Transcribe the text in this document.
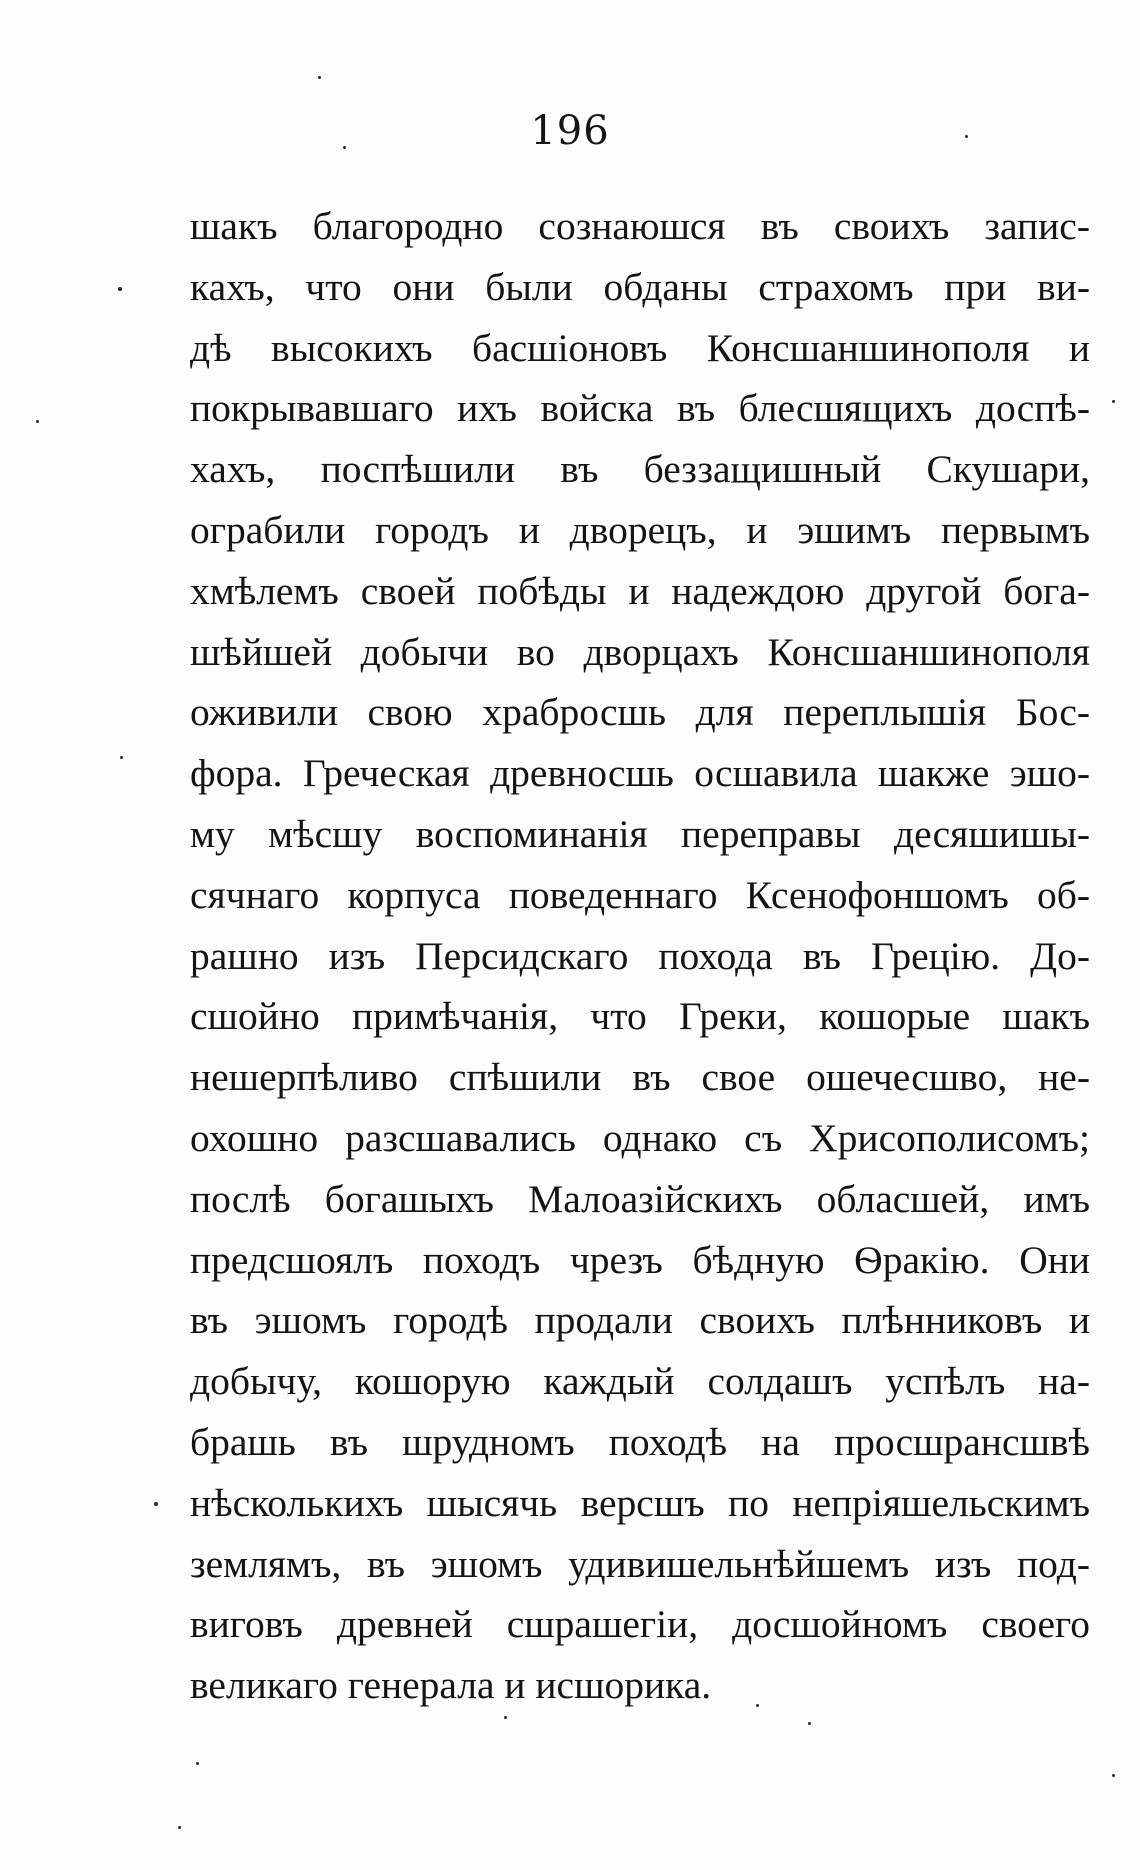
196
шакъ благородно сознаюшся въ своихъ запис-
кахъ, что они были обданы страхомъ при ви-
дѣ высокихъ басшіоновъ Консшаншинополя и
покрывавшаго ихъ войска въ блесшящихъ доспѣ-
хахъ, поспѣшили въ беззащишный Скушари,
ограбили городъ и дворецъ, и эшимъ первымъ
хмѣлемъ своей побѣды и надеждою другой бога-
шѣйшей добычи во дворцахъ Консшаншинополя
оживили свою храбросшь для переплышія Бос-
фора. Греческая древносшь осшавила шакже эшо-
му мѣсшу воспоминанія переправы десяшишы-
сячнаго корпуса поведеннаго Ксенофоншомъ об-
рашно изъ Персидскаго похода въ Грецію. До-
сшойно примѣчанія, что Греки, кошорые шакъ
нешерпѣливо спѣшили въ свое ошечесшво, не-
охошно разсшавались однако съ Хрисополисомъ;
послѣ богашыхъ Малоазійскихъ обласшей, имъ
предсшоялъ походъ чрезъ бѣдную Ѳракію. Они
въ эшомъ городѣ продали своихъ плѣнниковъ и
добычу, кошорую каждый солдашъ успѣлъ на-
брашь въ шрудномъ походѣ на просшрансшвѣ
нѣсколькихъ шысячь версшъ по непріяшельскимъ
землямъ, въ эшомъ удивишельнѣйшемъ изъ под-
виговъ древней сшрашегіи, досшойномъ своего
великаго генерала и исшорика.
